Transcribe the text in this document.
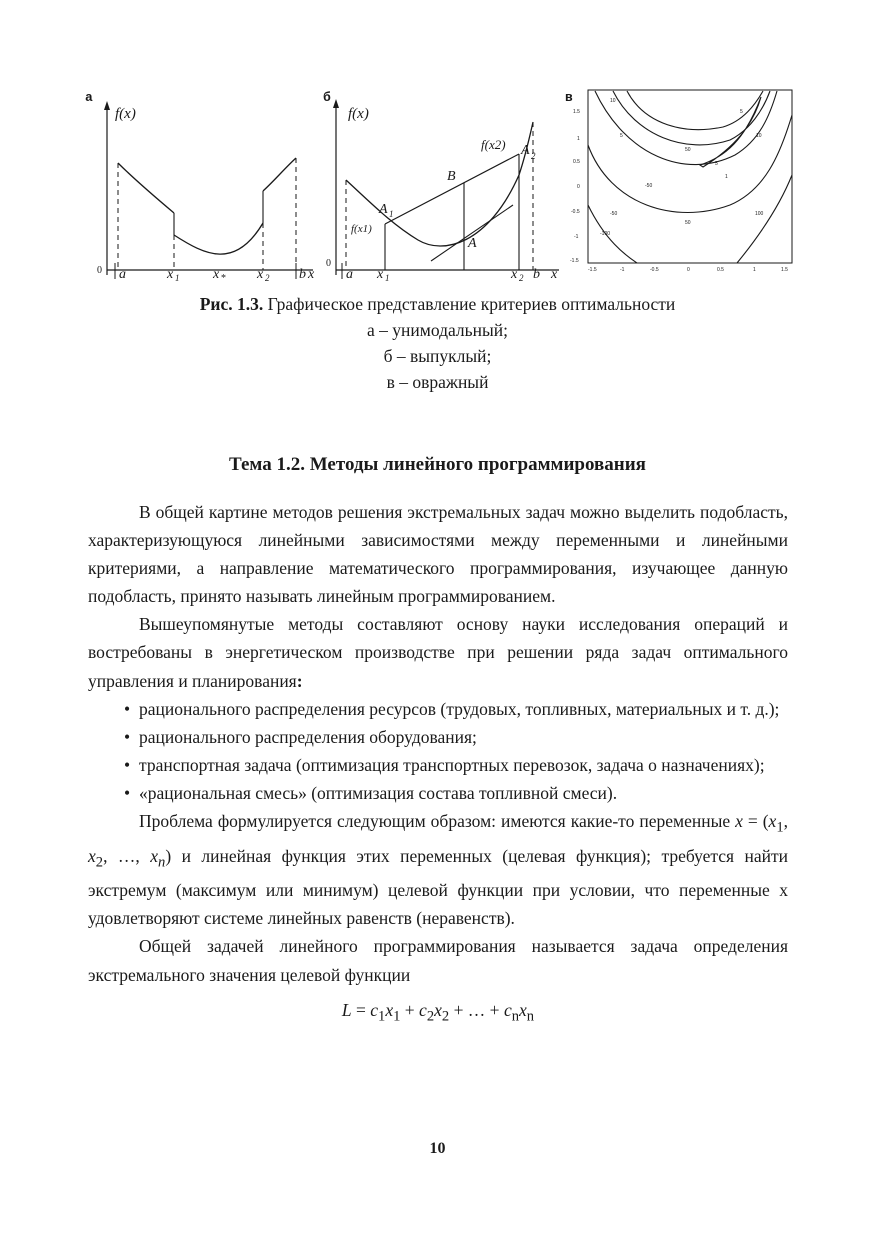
а
f(x)
0 a	x 1 x * x 2 b x
б
f(x)
0
B
A 1
A
A 2
f(x1)
f(x2)
a x 1	x 2 b x
в	10
5
50
5
5
10
1
50
-50
-100
100
-50
1.5
1
0.5
0
-0.5
-1
-1.5
-1.5	-1	-0.5	0	0.5	1	1.5
Рис. 1.3. Графическое представление критериев оптимальности
а – унимодальный;
б – выпуклый;
в – овражный
Тема 1.2. Методы линейного программирования

В общей картине методов решения экстремальных задач можно выделить подобласть, характеризующуюся линейными зависимостями между переменными и линейными критериями, а направление математического программирования, изучающее данную подобласть, принято называть линейным программированием.

Вышеупомянутые методы составляют основу науки исследования операций и востребованы в энергетическом производстве при решении ряда задач оптимального управления и планирования:

• рационального распределения ресурсов (трудовых, топливных, материальных и т. д.);
• рационального распределения оборудования;
• транспортная задача (оптимизация транспортных перевозок, задача о назначениях);
• «рациональная смесь» (оптимизация состава топливной смеси).

Проблема формулируется следующим образом: имеются какие-то переменные $x = (x_1$, $x_2$, …, $x_n$) и линейная функция этих переменных (целевая функция); требуется найти экстремум (максимум или минимум) целевой функции при условии, что переменные х удовлетворяют системе линейных равенств (неравенств).

Общей задачей линейного программирования называется задача определения экстремального значения целевой функции

$L = c_1x_1 + c_2x_2$ + … + $c_nx_n$
10
